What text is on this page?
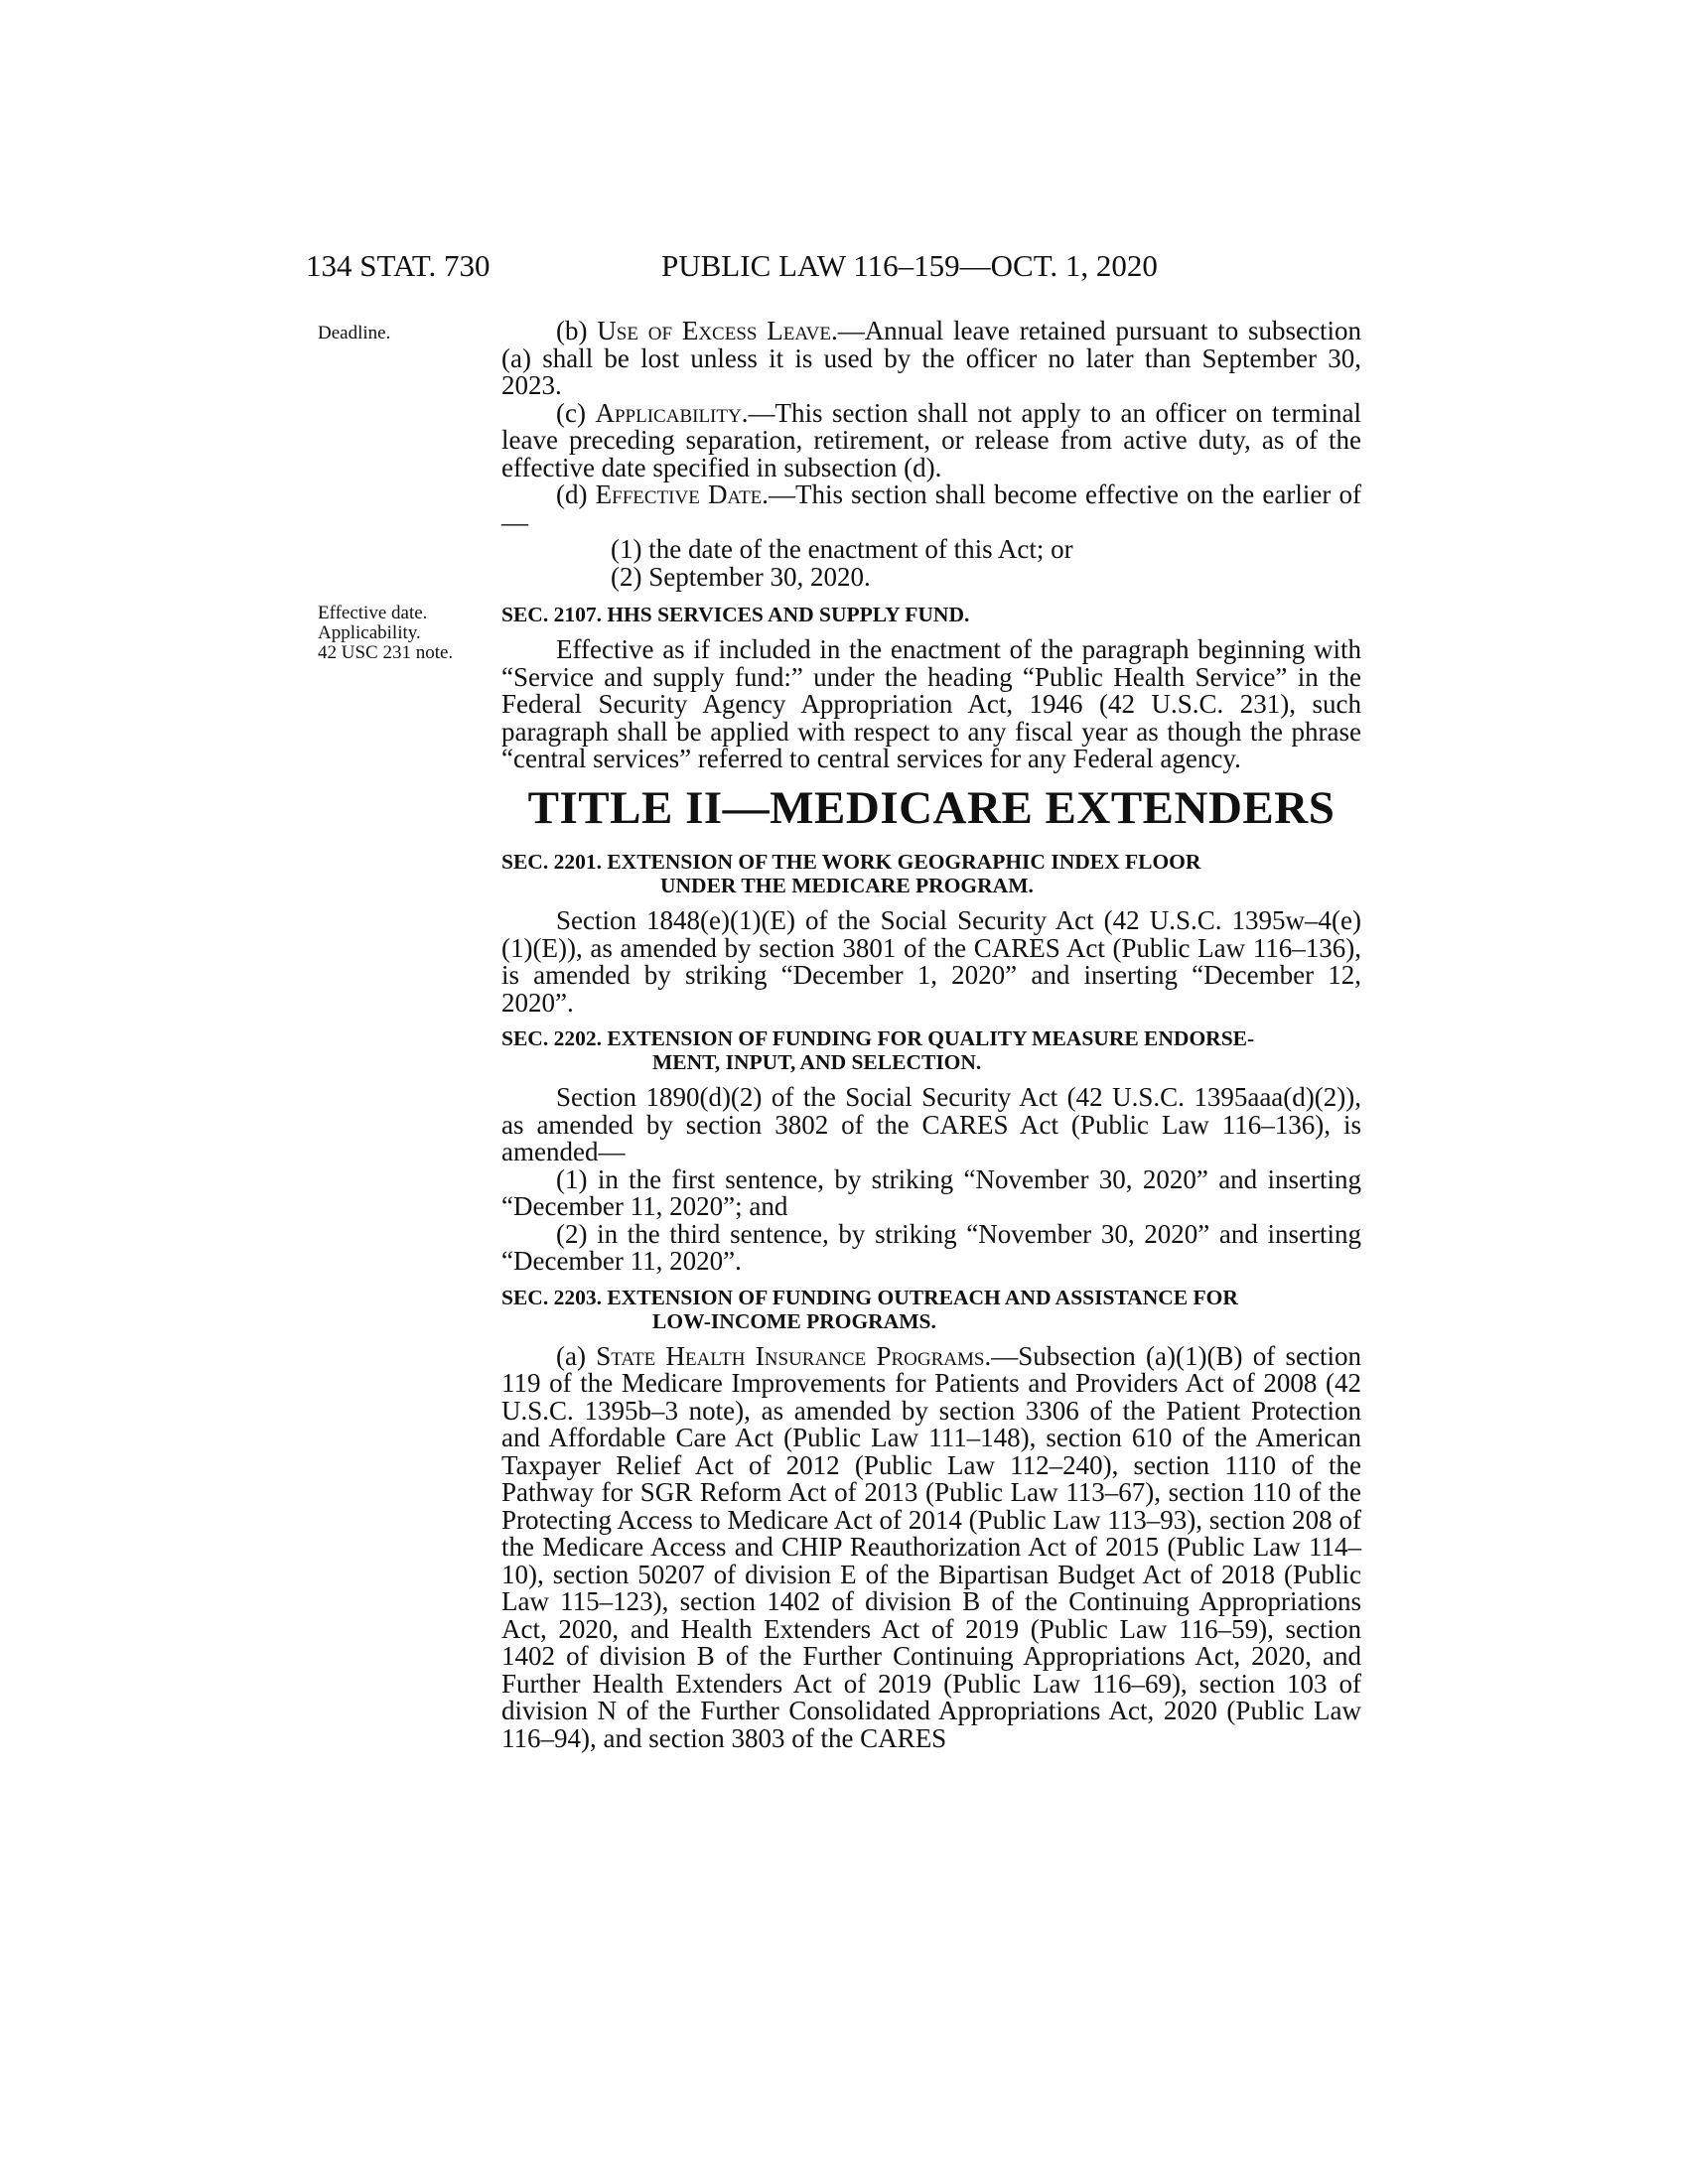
134 STAT. 730	PUBLIC LAW 116–159—OCT. 1, 2020
Deadline.
Effective date.
Applicability.
42 USC 231 note.

(b) Use of Excess Leave.—Annual leave retained pursuant to subsection (a) shall be lost unless it is used by the officer no later than September 30, 2023.

(c) Applicability.—This section shall not apply to an officer on terminal leave preceding separation, retirement, or release from active duty, as of the effective date specified in subsection (d).

(d) Effective Date.—This section shall become effective on the earlier of—

(1) the date of the enactment of this Act; or

(2) September 30, 2020.

SEC. 2107. HHS SERVICES AND SUPPLY FUND.

Effective as if included in the enactment of the paragraph beginning with “Service and supply fund:” under the heading “Public Health Service” in the Federal Security Agency Appropriation Act, 1946 (42 U.S.C. 231), such paragraph shall be applied with respect to any fiscal year as though the phrase “central services” referred to central services for any Federal agency.

TITLE II—MEDICARE EXTENDERS
SEC. 2201. EXTENSION OF THE WORK GEOGRAPHIC INDEX FLOOR
UNDER THE MEDICARE PROGRAM.

Section 1848(e)(1)(E) of the Social Security Act (42 U.S.C. 1395w–4(e)(1)(E)), as amended by section 3801 of the CARES Act (Public Law 116–136), is amended by striking “December 1, 2020” and inserting “December 12, 2020”.

SEC. 2202. EXTENSION OF FUNDING FOR QUALITY MEASURE ENDORSE-
MENT, INPUT, AND SELECTION.

Section 1890(d)(2) of the Social Security Act (42 U.S.C. 1395aaa(d)(2)), as amended by section 3802 of the CARES Act (Public Law 116–136), is amended—

(1) in the first sentence, by striking “November 30, 2020” and inserting “December 11, 2020”; and

(2) in the third sentence, by striking “November 30, 2020” and inserting “December 11, 2020”.

SEC. 2203. EXTENSION OF FUNDING OUTREACH AND ASSISTANCE FOR
LOW-INCOME PROGRAMS.

(a) State Health Insurance Programs.—Subsection (a)(1)(B) of section 119 of the Medicare Improvements for Patients and Providers Act of 2008 (42 U.S.C. 1395b–3 note), as amended by section 3306 of the Patient Protection and Affordable Care Act (Public Law 111–148), section 610 of the American Taxpayer Relief Act of 2012 (Public Law 112–240), section 1110 of the Pathway for SGR Reform Act of 2013 (Public Law 113–67), section 110 of the Protecting Access to Medicare Act of 2014 (Public Law 113–93), section 208 of the Medicare Access and CHIP Reauthorization Act of 2015 (Public Law 114–10), section 50207 of division E of the Bipartisan Budget Act of 2018 (Public Law 115–123), section 1402 of division B of the Continuing Appropriations Act, 2020, and Health Extenders Act of 2019 (Public Law 116–59), section 1402 of division B of the Further Continuing Appropriations Act, 2020, and Further Health Extenders Act of 2019 (Public Law 116–69), section 103 of division N of the Further Consolidated Appropriations Act, 2020 (Public Law 116–94), and section 3803 of the CARES
